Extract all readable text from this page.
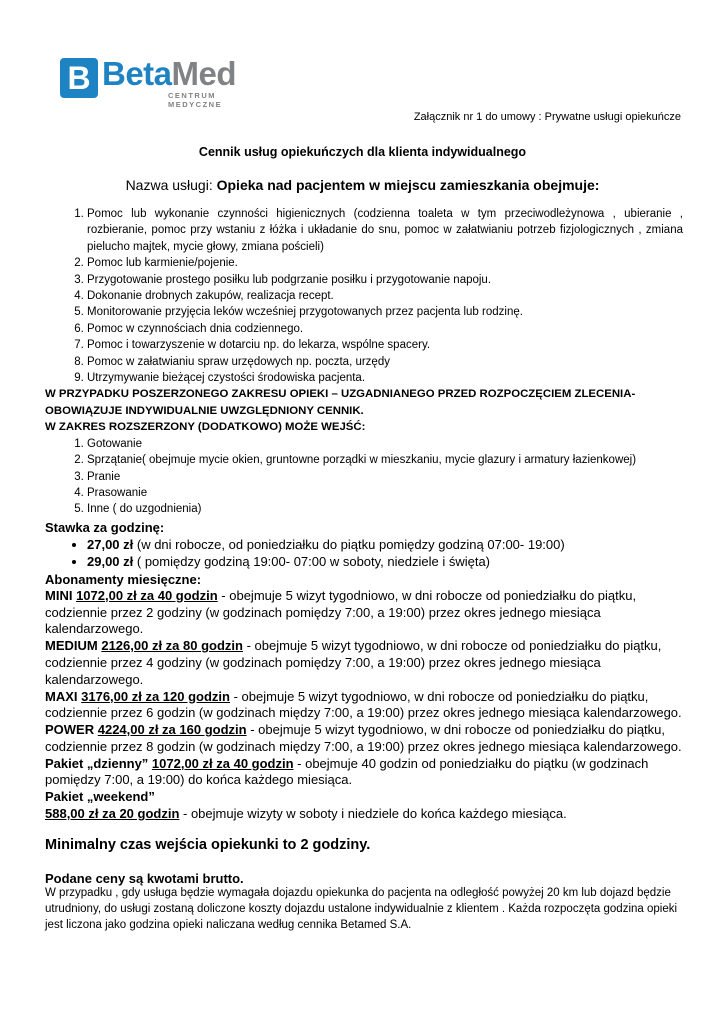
B BetaMed
CENTRUM MEDYCZNE
Załącznik nr 1 do umowy : Prywatne usługi opiekuńcze
Cennik usług opiekuńczych dla klienta indywidualnego
Nazwa usługi: Opieka nad pacjentem w miejscu zamieszkania obejmuje:
1. Pomoc lub wykonanie czynności higienicznych (codzienna toaleta w tym przeciwodleżynowa , ubieranie , rozbieranie, pomoc przy wstaniu z łóżka i układanie do snu, pomoc w załatwianiu potrzeb fizjologicznych , zmiana pielucho majtek, mycie głowy, zmiana pościeli)
2. Pomoc lub karmienie/pojenie.
3. Przygotowanie prostego posiłku lub podgrzanie posiłku i przygotowanie napoju.
4. Dokonanie drobnych zakupów, realizacja recept.
5. Monitorowanie przyjęcia leków wcześniej przygotowanych przez pacjenta lub rodzinę.
6. Pomoc w czynnościach dnia codziennego.
7. Pomoc i towarzyszenie w dotarciu np. do lekarza, wspólne spacery.
8. Pomoc w załatwianiu spraw urzędowych np. poczta, urzędy
9. Utrzymywanie bieżącej czystości środowiska pacjenta.
W PRZYPADKU POSZERZONEGO ZAKRESU OPIEKI – UZGADNIANEGO PRZED ROZPOCZĘCIEM ZLECENIA- OBOWIĄZUJE INDYWIDUALNIE UWZGLĘDNIONY CENNIK.
W ZAKRES ROZSZERZONY (DODATKOWO) MOŻE WEJŚĆ:
1. Gotowanie
2. Sprzątanie( obejmuje mycie okien, gruntowne porządki w mieszkaniu, mycie glazury i armatury łazienkowej)
3. Pranie
4. Prasowanie
5. Inne ( do uzgodnienia)
Stawka za godzinę:
• 27,00 zł (w dni robocze, od poniedziałku do piątku pomiędzy godziną 07:00- 19:00)
• 29,00 zł ( pomiędzy godziną 19:00- 07:00 w soboty, niedziele i święta)
Abonamenty miesięczne:
MINI 1072,00 zł za 40 godzin - obejmuje 5 wizyt tygodniowo, w dni robocze od poniedziałku do piątku, codziennie przez 2 godziny (w godzinach pomiędzy 7:00, a 19:00) przez okres jednego miesiąca kalendarzowego.
MEDIUM 2126,00 zł za 80 godzin - obejmuje 5 wizyt tygodniowo, w dni robocze od poniedziałku do piątku, codziennie przez 4 godziny (w godzinach pomiędzy 7:00, a 19:00) przez okres jednego miesiąca kalendarzowego.
MAXI 3176,00 zł za 120 godzin - obejmuje 5 wizyt tygodniowo, w dni robocze od poniedziałku do piątku, codziennie przez 6 godzin (w godzinach między 7:00, a 19:00) przez okres jednego miesiąca kalendarzowego.
POWER 4224,00 zł za 160 godzin - obejmuje 5 wizyt tygodniowo, w dni robocze od poniedziałku do piątku, codziennie przez 8 godzin (w godzinach między 7:00, a 19:00) przez okres jednego miesiąca kalendarzowego.
Pakiet „dzienny” 1072,00 zł za 40 godzin - obejmuje 40 godzin od poniedziałku do piątku (w godzinach pomiędzy 7:00, a 19:00) do końca każdego miesiąca.
Pakiet „weekend”
588,00 zł za 20 godzin - obejmuje wizyty w soboty i niedziele do końca każdego miesiąca.
Minimalny czas wejścia opiekunki to 2 godziny.
Podane ceny są kwotami brutto.
W przypadku , gdy usługa będzie wymagała dojazdu opiekunka do pacjenta na odległość powyżej 20 km lub dojazd będzie utrudniony, do usługi zostaną doliczone koszty dojazdu ustalone indywidualnie z klientem . Każda rozpoczęta godzina opieki jest liczona jako godzina opieki naliczana według cennika Betamed S.A.
